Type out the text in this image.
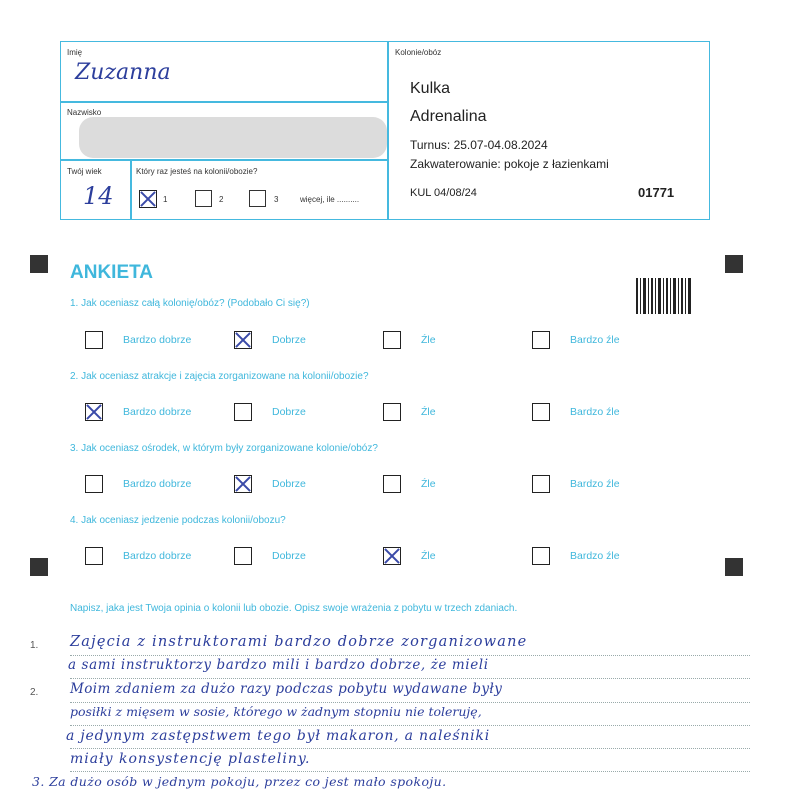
Imię
Zuzanna
Nazwisko
Twój wiek
14
Który raz jesteś na kolonii/obozie?
1	2	3	więcej, ile ..........
Kolonie/obóz
Kulka
Adrenalina
Turnus: 25.07-04.08.2024
Zakwaterowanie: pokoje z łazienkami
KUL 04/08/24	01771
ANKIETA
1. Jak oceniasz całą kolonię/obóz? (Podobało Ci się?)
2. Jak oceniasz atrakcje i zajęcia zorganizowane na kolonii/obozie?
3. Jak oceniasz ośrodek, w którym były zorganizowane kolonie/obóz?
4. Jak oceniasz jedzenie podczas kolonii/obozu?
Bardzo dobrze	Dobrze	Źle	Bardzo źle
Bardzo dobrze	Dobrze	Źle	Bardzo źle
Bardzo dobrze	Dobrze	Źle	Bardzo źle
Bardzo dobrze	Dobrze	Źle	Bardzo źle
Napisz, jaka jest Twoja opinia o kolonii lub obozie. Opisz swoje wrażenia z pobytu w trzech zdaniach.
1.
2.
Zajęcia z instruktorami bardzo dobrze zorganizowane
a sami instruktorzy bardzo mili i bardzo dobrze, że mieli
Moim zdaniem za dużo razy podczas pobytu wydawane były
posiłki z mięsem w sosie, którego w żadnym stopniu nie toleruję,
a jedynym zastępstwem tego był makaron, a naleśniki
miały konsystencję plasteliny.
3. Za dużo osób w jednym pokoju, przez co jest mało spokoju.
